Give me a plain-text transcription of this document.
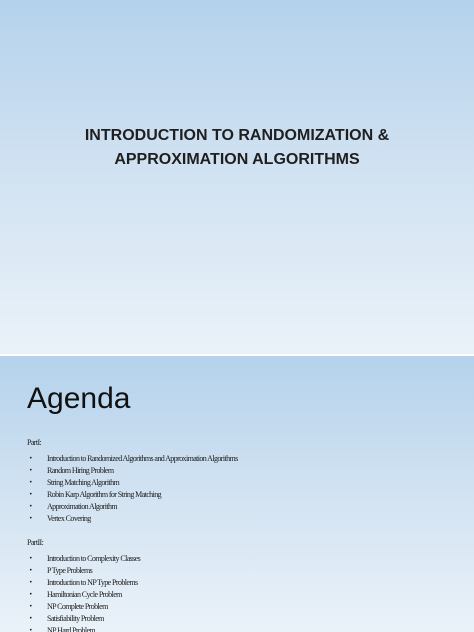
INTRODUCTION TO RANDOMIZATION &
APPROXIMATION ALGORITHMS
Agenda
PartI:
• Introduction to Randomized Algorithms and Approximation Algorithms
• Random Hiring Problem
• String Matching Algorithm
• Robin Karp Algorithm for String Matching
• Approximation Algorithm
• Vertex Covering
PartII:
• Introduction to Complexity Classes
• P Type Problems
• Introduction to NP Type Problems
• Hamiltonian Cycle Problem
• NP Complete Problem
• Satisfiability Problem
• NP Hard Problem
